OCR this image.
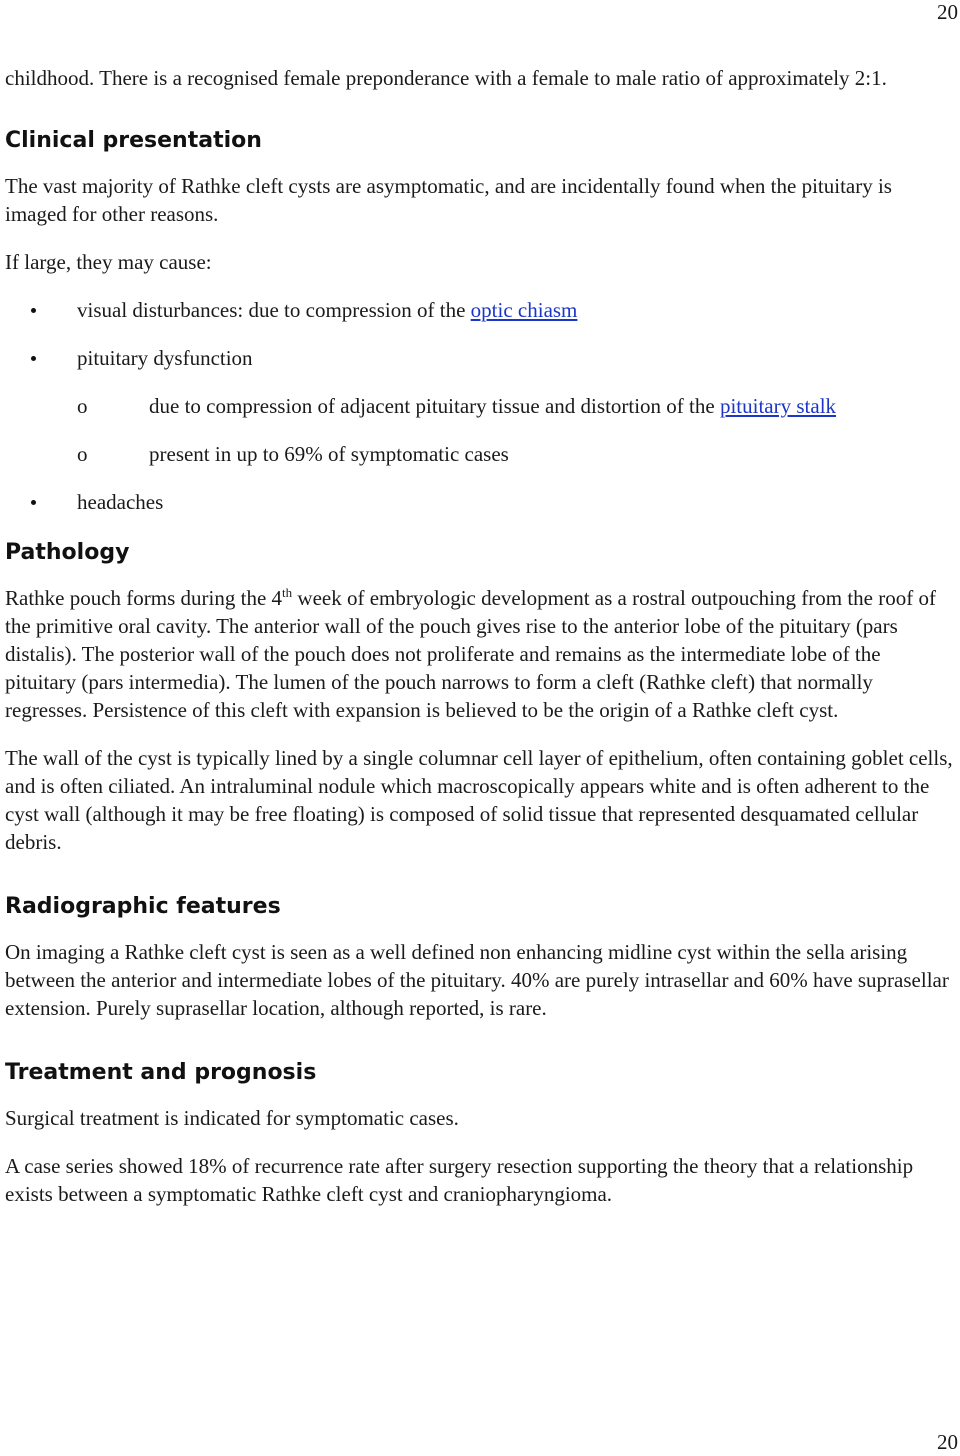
20

childhood. There is a recognised female preponderance with a female to male ratio of approximately 2:1.

Clinical presentation

The vast majority of Rathke cleft cysts are asymptomatic, and are incidentally found when the pituitary is imaged for other reasons.

If large, they may cause:

visual disturbances: due to compression of the optic chiasm
pituitary dysfunction
o	due to compression of adjacent pituitary tissue and distortion of the pituitary stalk
o	present in up to 69% of symptomatic cases
headaches
Pathology

Rathke pouch forms during the 4th week of embryologic development as a rostral outpouching from the roof of the primitive oral cavity. The anterior wall of the pouch gives rise to the anterior lobe of the pituitary (pars distalis). The posterior wall of the pouch does not proliferate and remains as the intermediate lobe of the pituitary (pars intermedia). The lumen of the pouch narrows to form a cleft (Rathke cleft) that normally regresses. Persistence of this cleft with expansion is believed to be the origin of a Rathke cleft cyst.

The wall of the cyst is typically lined by a single columnar cell layer of epithelium, often containing goblet cells, and is often ciliated. An intraluminal nodule which macroscopically appears white and is often adherent to the cyst wall (although it may be free floating) is composed of solid tissue that represented desquamated cellular debris.

Radiographic features

On imaging a Rathke cleft cyst is seen as a well defined non enhancing midline cyst within the sella arising between the anterior and intermediate lobes of the pituitary. 40% are purely intrasellar and 60% have suprasellar extension. Purely suprasellar location, although reported, is rare.

Treatment and prognosis

Surgical treatment is indicated for symptomatic cases.

A case series showed 18% of recurrence rate after surgery resection supporting the theory that a relationship exists between a symptomatic Rathke cleft cyst and craniopharyngioma.

20
